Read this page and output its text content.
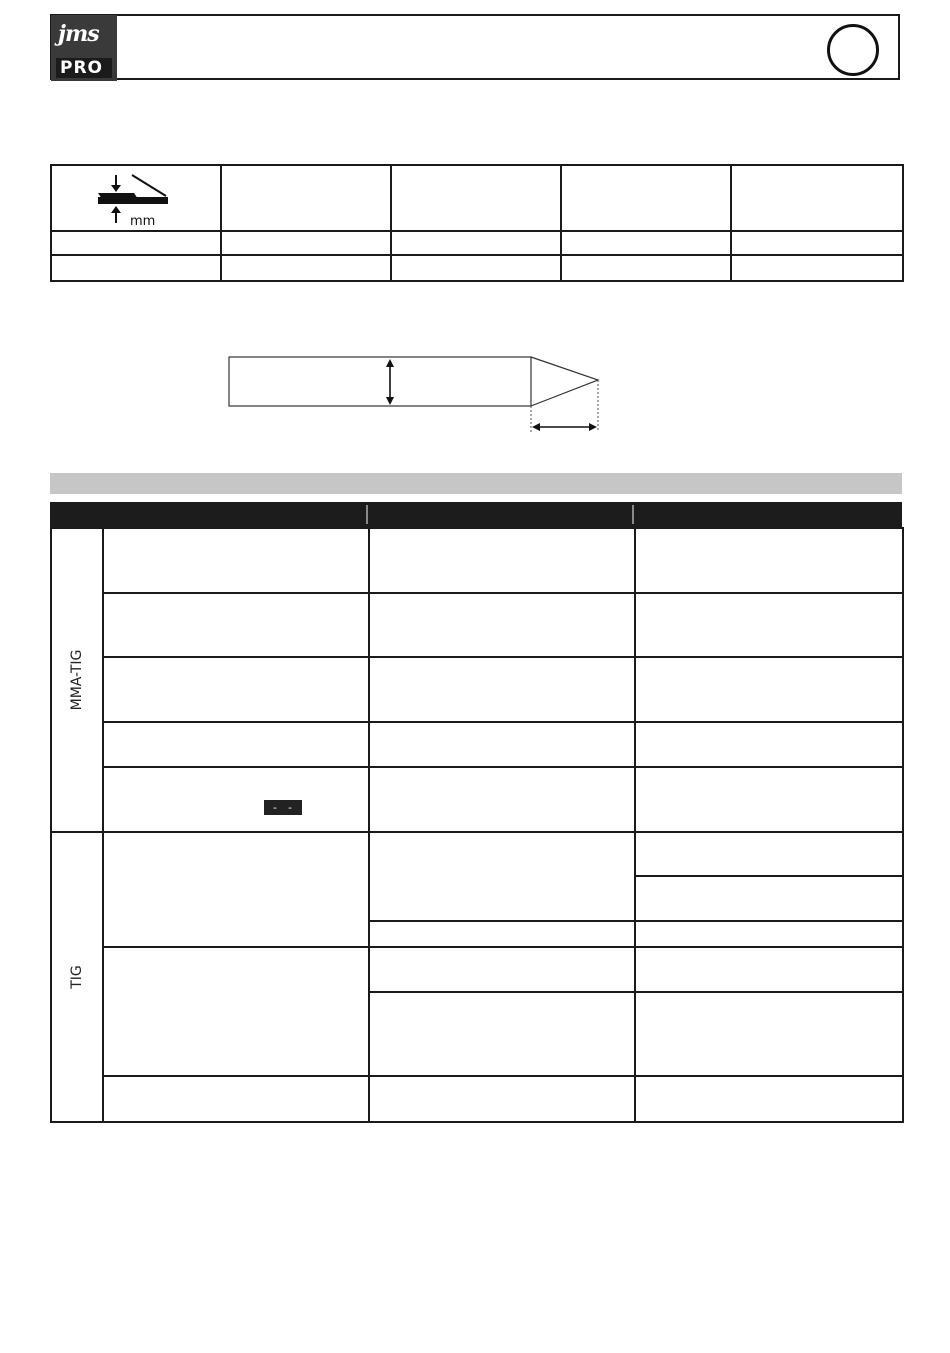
jms
PRO
mm				

MMA-TIG			

	- - -		

TIG			
